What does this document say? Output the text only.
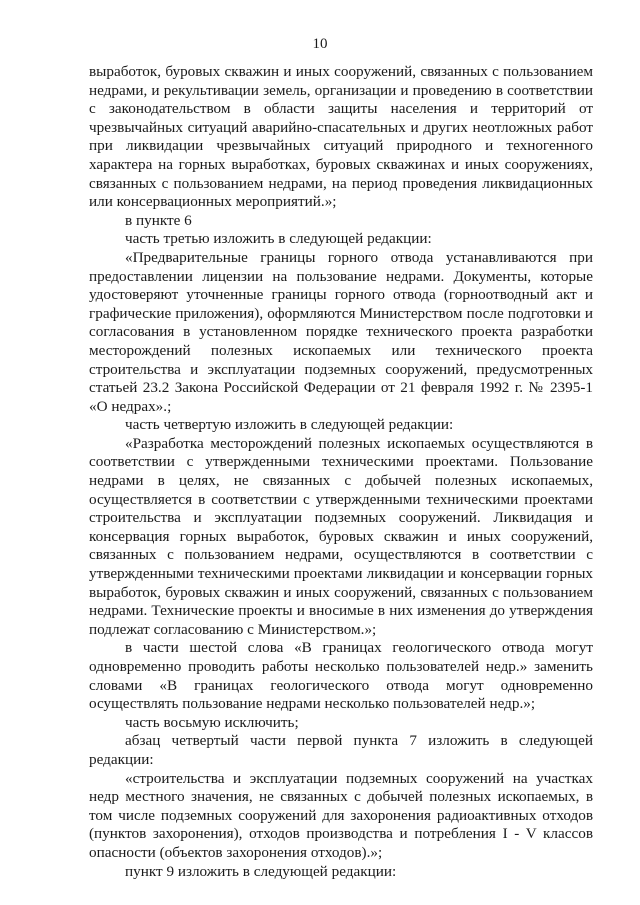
10

выработок, буровых скважин и иных сооружений, связанных с пользованием недрами, и рекультивации земель, организации и проведению в соответствии с законодательством в области защиты населения и территорий от чрезвычайных ситуаций аварийно-спасательных и других неотложных работ при ликвидации чрезвычайных ситуаций природного и техногенного характера на горных выработках, буровых скважинах и иных сооружениях, связанных с пользованием недрами, на период проведения ликвидационных или консервационных мероприятий.»;

в пункте 6

часть третью изложить в следующей редакции:

«Предварительные границы горного отвода устанавливаются при предоставлении лицензии на пользование недрами. Документы, которые удостоверяют уточненные границы горного отвода (горноотводный акт и графические приложения), оформляются Министерством после подготовки и согласования в установленном порядке технического проекта разработки месторождений полезных ископаемых или технического проекта строительства и эксплуатации подземных сооружений, предусмотренных статьей 23.2 Закона Российской Федерации от 21 февраля 1992 г. № 2395-1 «О недрах».;

часть четвертую изложить в следующей редакции:

«Разработка месторождений полезных ископаемых осуществляются в соответствии с утвержденными техническими проектами. Пользование недрами в целях, не связанных с добычей полезных ископаемых, осуществляется в соответствии с утвержденными техническими проектами строительства и эксплуатации подземных сооружений. Ликвидация и консервация горных выработок, буровых скважин и иных сооружений, связанных с пользованием недрами, осуществляются в соответствии с утвержденными техническими проектами ликвидации и консервации горных выработок, буровых скважин и иных сооружений, связанных с пользованием недрами. Технические проекты и вносимые в них изменения до утверждения подлежат согласованию с Министерством.»;

в части шестой слова «В границах геологического отвода могут одновременно проводить работы несколько пользователей недр.» заменить словами «В границах геологического отвода могут одновременно осуществлять пользование недрами несколько пользователей недр.»;

часть восьмую исключить;

абзац четвертый части первой пункта 7 изложить в следующей редакции:

«строительства и эксплуатации подземных сооружений на участках недр местного значения, не связанных с добычей полезных ископаемых, в том числе подземных сооружений для захоронения радиоактивных отходов (пунктов захоронения), отходов производства и потребления I - V классов опасности (объектов захоронения отходов).»;

пункт 9 изложить в следующей редакции:
